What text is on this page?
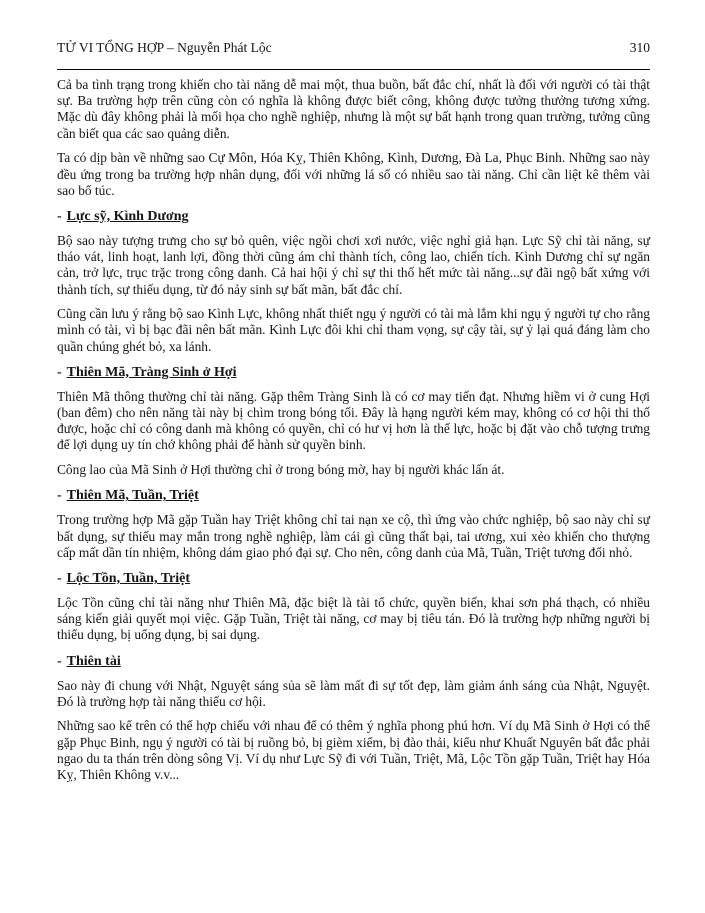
TỬ VI TỔNG HỢP – Nguyễn Phát Lộc	310

Cả ba tình trạng trong khiến cho tài năng dễ mai một, thua buồn, bất đắc chí, nhất là đối với người có tài thật sự. Ba trường hợp trên cũng còn có nghĩa là không được biết công, không được tưởng thưởng tương xứng. Mặc dù đây không phải là mối họa cho nghề nghiệp, nhưng là một sự bất hạnh trong quan trường, tưởng cũng cần biết qua các sao quảng diễn.

Ta có dịp bàn về những sao Cự Môn, Hóa Kỵ, Thiên Không, Kình, Dương, Đà La, Phục Binh. Những sao này đều ứng trong ba trường hợp nhân dụng, đối với những lá số có nhiều sao tài năng. Chỉ cần liệt kê thêm vài sao bổ túc.

- Lực sỹ, Kình Dương

Bộ sao này tượng trưng cho sự bỏ quên, việc ngồi chơi xơi nước, việc nghỉ giả hạn. Lực Sỹ chỉ tài năng, sự tháo vát, linh hoạt, lanh lợi, đồng thời cũng ám chỉ thành tích, công lao, chiến tích. Kình Dương chỉ sự ngăn cản, trở lực, trục trặc trong công danh. Cả hai hội ý chỉ sự thi thố hết mức tài năng...sự đãi ngộ bất xứng với thành tích, sự thiếu dụng, từ đó nảy sinh sự bất mãn, bất đắc chí.

Cũng cần lưu ý rằng bộ sao Kình Lực, không nhất thiết ngụ ý người có tài mà lắm khi ngụ ý người tự cho rằng mình có tài, vì bị bạc đãi nên bất mãn. Kình Lực đôi khi chỉ tham vọng, sự cậy tài, sự ỷ lại quá đáng làm cho quần chúng ghét bỏ, xa lánh.

- Thiên Mã, Tràng Sinh ở Hợi

Thiên Mã thông thường chỉ tài năng. Gặp thêm Tràng Sinh là có cơ may tiến đạt. Nhưng hiềm vi ở cung Hợi (ban đêm) cho nên năng tài này bị chìm trong bóng tối. Đây là hạng người kém may, không có cơ hội thi thố được, hoặc chỉ có công danh mà không có quyền, chỉ có hư vị hơn là thế lực, hoặc bị đặt vào chỗ tượng trưng để lợi dụng uy tín chớ không phải để hành sử quyền binh.

Công lao của Mã Sinh ở Hợi thường chỉ ở trong bóng mờ, hay bị người khác lấn át.

- Thiên Mã, Tuần, Triệt

Trong trường hợp Mã gặp Tuần hay Triệt không chỉ tai nạn xe cộ, thì ứng vào chức nghiệp, bộ sao này chỉ sự bất dụng, sự thiếu may mắn trong nghề nghiệp, làm cái gì cũng thất bại, tai ương, xui xẻo khiến cho thượng cấp mất dần tín nhiệm, không dám giao phó đại sự. Cho nên, công danh của Mã, Tuần, Triệt tương đối nhỏ.

- Lộc Tồn, Tuần, Triệt

Lộc Tồn cũng chỉ tài năng như Thiên Mã, đặc biệt là tài tổ chức, quyền biến, khai sơn phá thạch, có nhiều sáng kiến giải quyết mọi việc. Gặp Tuần, Triệt tài năng, cơ may bị tiêu tán. Đó là trường hợp những người bị thiểu dụng, bị uổng dụng, bị sai dụng.

- Thiên tài

Sao này đi chung với Nhật, Nguyệt sáng sủa sẽ làm mất đi sự tốt đẹp, làm giảm ánh sáng của Nhật, Nguyệt. Đó là trường hợp tài năng thiếu cơ hội.

Những sao kể trên có thể hợp chiếu với nhau để có thêm ý nghĩa phong phú hơn. Ví dụ Mã Sinh ở Hợi có thể gặp Phục Binh, ngụ ý người có tài bị ruồng bỏ, bị gièm xiểm, bị đào thải, kiểu như Khuất Nguyên bất đắc phải ngao du ta thán trên dòng sông Vị. Ví dụ như Lực Sỹ đi với Tuần, Triệt, Mã, Lộc Tồn gặp Tuần, Triệt hay Hóa Kỵ, Thiên Không v.v...
